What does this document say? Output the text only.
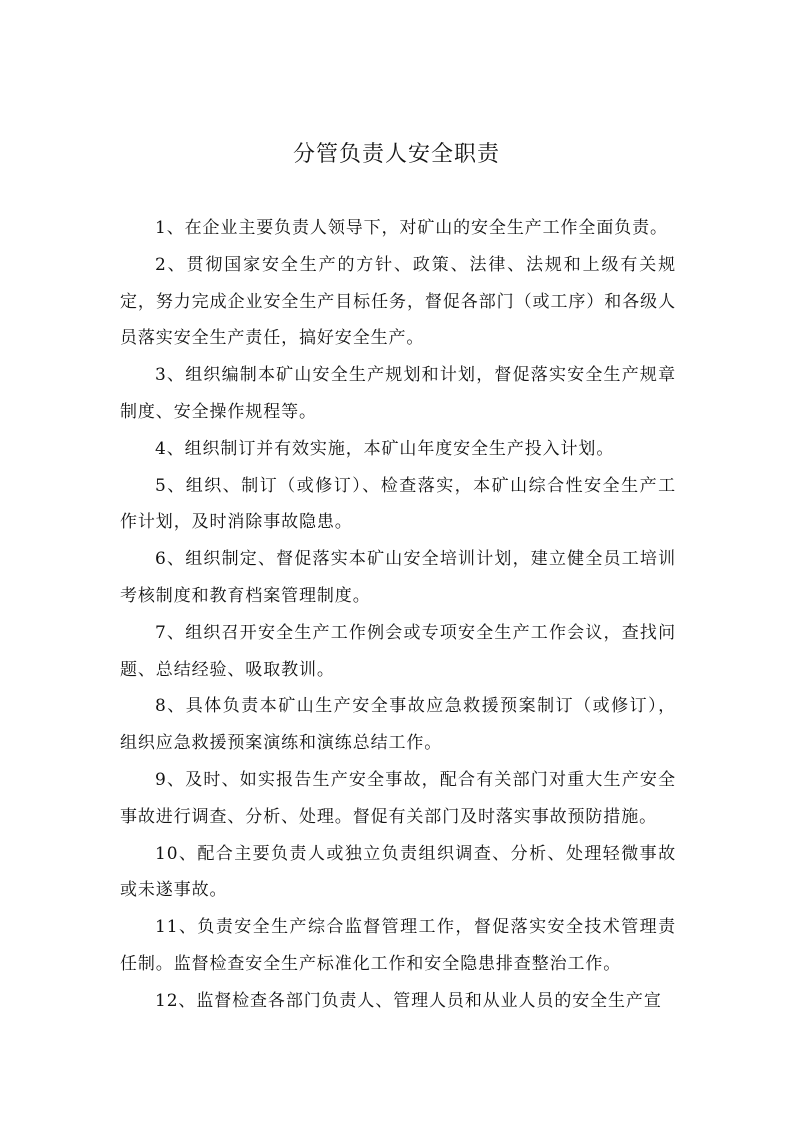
分管负责人安全职责

1、在企业主要负责人领导下，对矿山的安全生产工作全面负责。

2、贯彻国家安全生产的方针、政策、法律、法规和上级有关规定，努力完成企业安全生产目标任务，督促各部门（或工序）和各级人员落实安全生产责任，搞好安全生产。

3、组织编制本矿山安全生产规划和计划，督促落实安全生产规章制度、安全操作规程等。

4、组织制订并有效实施，本矿山年度安全生产投入计划。

5、组织、制订（或修订）、检查落实，本矿山综合性安全生产工作计划，及时消除事故隐患。

6、组织制定、督促落实本矿山安全培训计划，建立健全员工培训考核制度和教育档案管理制度。

7、组织召开安全生产工作例会或专项安全生产工作会议，查找问题、总结经验、吸取教训。

8、具体负责本矿山生产安全事故应急救援预案制订（或修订），组织应急救援预案演练和演练总结工作。

9、及时、如实报告生产安全事故，配合有关部门对重大生产安全事故进行调查、分析、处理。督促有关部门及时落实事故预防措施。

10、配合主要负责人或独立负责组织调查、分析、处理轻微事故或未遂事故。

11、负责安全生产综合监督管理工作，督促落实安全技术管理责任制。监督检查安全生产标准化工作和安全隐患排查整治工作。

12、监督检查各部门负责人、管理人员和从业人员的安全生产宣
